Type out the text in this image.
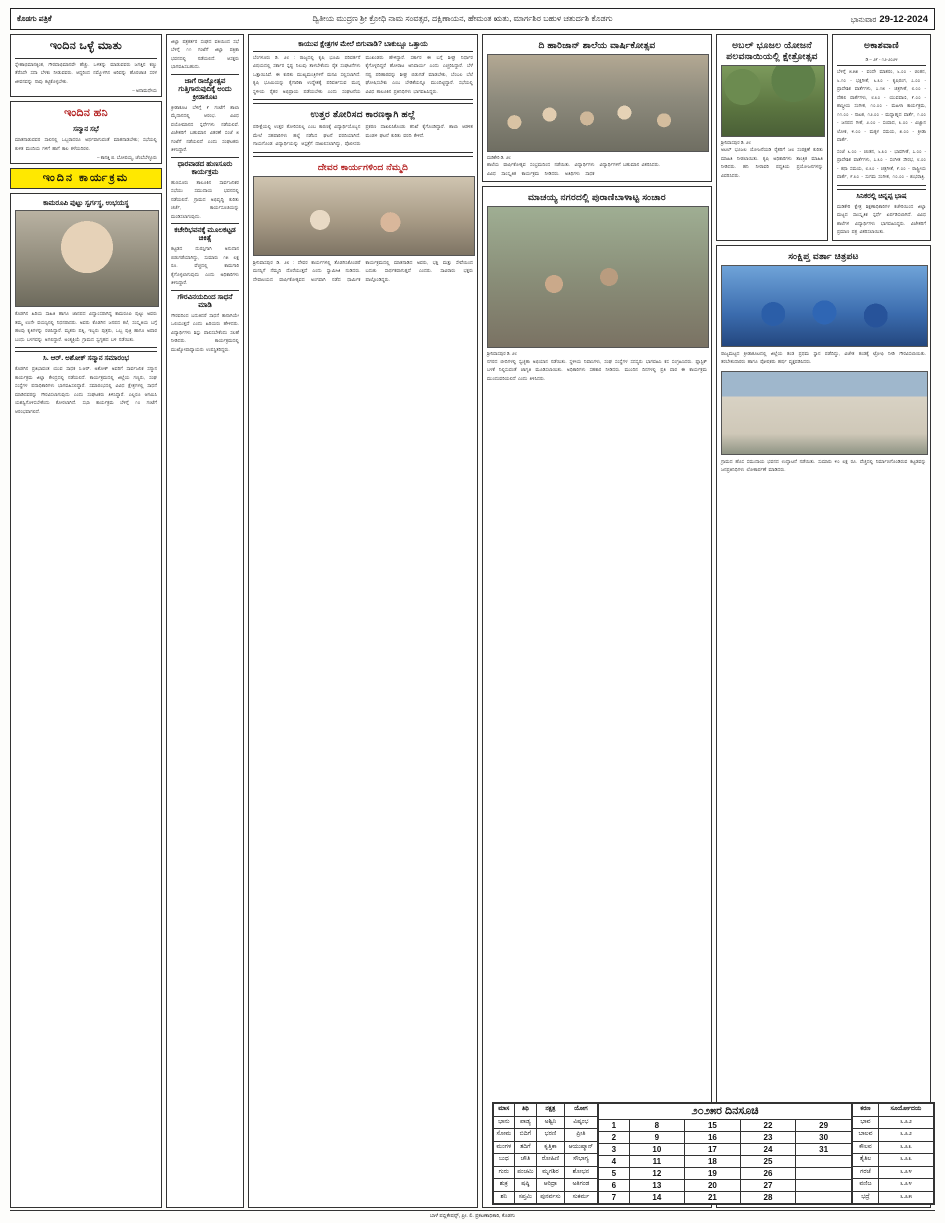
ಕೊಡಗು ಪತ್ರಿಕೆ	ದ್ವಿತೀಯ ಮುದ್ರಣ ಶ್ರೀ ಕ್ರೋಧಿ ನಾಮ ಸಂವತ್ಸರ, ದಕ್ಷಿಣಾಯನ, ಹೇಮಂತ ಋತು, ಮಾರ್ಗಶಿರ ಬಹುಳ ಚತುರ್ದಶಿ ಕೊಡಗು	ಭಾನುವಾರ 29-12-2024
ಇಂದಿನ ಒಳ್ಳೆ ಮಾತು
ಸ್ನೇಹಾಭಿಮಾನಕ್ಕಿಂತ, ಗೌರವಾಭಿಮಾನವೇ ಹೆಚ್ಚು. ಒಳಿತನ್ನು ಮಾಡುವವರು ಜಗತ್ತಿನ ಕಣ್ಣು ತೆರೆಸಿದೇ ಸದಾ ಬೆಳಕು ನೀಡುವವರು. ಆದ್ದರಿಂದ ನಮ್ಮೊಳಗಿನ ಅರಿವನ್ನು ಹೊರಚಾಚಿ ಸರಳ ಜೀವನವನ್ನು ನಾವು ಕಟ್ಟಿಕೊಳ್ಳಬೇಕು.
– ಅನಾಮಧೇಯ
ಇಂದಿನ ಹನಿ
ಸನ್ಮಾನ ಸಭೆ
ಮಾತನಾಡುವವರ ಸಾಲಿನಲ್ಲಿ ಒಬ್ಬರಾದರೂ ಅರ್ಥವಾಗುವಂತೆ ಮಾತನಾಡಬೇಕು; ಸಭೆಯಲ್ಲಿ ಕುಳಿತ ಮಂದಿಯ ಗಳಿಗೆ ಹಾಗೆ ಕಾಲ ಕಳೆಯದಿರಲಿ.
– ಕಾನತ್ತಿ ಬಿ. ಬೋಪಯ್ಯ, ಚೆಂಬೆಬೆಳ್ಳೂರು
ಇಂದಿನ ಕಾರ್ಯಕ್ರಮ
ಕಾಮರೂಪಿ ಪುಟ್ಟು ಸ್ವರ್ಗಸ್ಥ, ಉಭಯಸ್ಥ
ಕೊಡಗಿನ ಹಿರಿಯ ಸಾಹಿತಿ ಹಾಗೂ ಜಾನಪದ ವಿದ್ವಾಂಸರಾಗಿದ್ದ ಕಾಮರೂಪಿ ಪುಟ್ಟು ಅವರು ತಮ್ಮ ೮೦ನೇ ವಯಸ್ಸಿನಲ್ಲಿ ನಿಧನರಾದರು. ಅವರು ಕೊಡಗಿನ ಜನಪದ ಕಲೆ, ಸಂಸ್ಕೃತಿಯ ಬಗ್ಗೆ ಹಲವು ಕೃತಿಗಳನ್ನು ರಚಿಸಿದ್ದಾರೆ. ಮೃತರು ಪತ್ನಿ, ಇಬ್ಬರು ಪುತ್ರರು, ಒಬ್ಬ ಪುತ್ರಿ ಹಾಗೂ ಅಪಾರ ಬಂಧು ಬಳಗವನ್ನು ಅಗಲಿದ್ದಾರೆ. ಅಂತ್ಯಕ್ರಿಯೆ ಗ್ರಾಮದ ಸ್ವಗೃಹದ ಬಳಿ ನಡೆಯಿತು.
ಸಿ. ಆರ್. ಅಶೋಕ್ ಸನ್ಮಾನ ಸಮಾರಂಭ
ಕೊಡಗಿನ ಪ್ರತಿಭಾವಂತ ಯುವ ಸಾಧಕ ಸಿ.ಆರ್. ಅಶೋಕ್ ಅವರಿಗೆ ಸಾರ್ವಜನಿಕ ಸನ್ಮಾನ ಕಾರ್ಯಕ್ರಮ ಜಿಲ್ಲಾ ಕೇಂದ್ರದಲ್ಲಿ ನಡೆಯಲಿದೆ. ಕಾರ್ಯಕ್ರಮದಲ್ಲಿ ಜಿಲ್ಲೆಯ ಗಣ್ಯರು, ಸಂಘ ಸಂಸ್ಥೆಗಳ ಪದಾಧಿಕಾರಿಗಳು ಭಾಗವಹಿಸಲಿದ್ದಾರೆ. ಸಮಾರಂಭದಲ್ಲಿ ವಿವಿಧ ಕ್ಷೇತ್ರಗಳಲ್ಲಿ ಸಾಧನೆ ಮಾಡಿದವರನ್ನು ಗೌರವಿಸಲಾಗುವುದು ಎಂದು ಸಂಘಟಕರು ತಿಳಿಸಿದ್ದಾರೆ. ಎಲ್ಲರೂ ಆಗಮಿಸಿ ಯಶಸ್ವಿಗೊಳಿಸಬೇಕೆಂದು ಕೋರಲಾಗಿದೆ. ಸಭಾ ಕಾರ್ಯಕ್ರಮ ಬೆಳಿಗ್ಗೆ ೧೦ ಗಂಟೆಗೆ ಆರಂಭವಾಗಲಿದೆ.
ಜಿಲ್ಲಾ ಪತ್ರಕರ್ತರ ಸಂಘದ ವತಿಯಿಂದ ಸಭೆ ಬೆಳಿಗ್ಗೆ ೧೧ ಗಂಟೆಗೆ ಜಿಲ್ಲಾ ಪತ್ರಿಕಾ ಭವನದಲ್ಲಿ ನಡೆಯಲಿದೆ. ಆಸಕ್ತರು ಭಾಗವಹಿಸಬಹುದು.
ಜಾಗೆ ರಾಜ್ಯೋತ್ಸವ ಗುತ್ತಿಗಾರುವುದಿಕ್ಕೆ ಅಂದು ಕ್ರೀಡಾಕೂಟ
ಕ್ರೀಡಾಕೂಟ ಬೆಳಿಗ್ಗೆ ೯ ಗಂಟೆಗೆ ಶಾಲಾ ಮೈದಾನದಲ್ಲಿ ಆರಂಭ. ವಿವಿಧ ವಯೋಮಾನದ ಸ್ಪರ್ಧೆಗಳು ನಡೆಯಲಿವೆ. ವಿಜೇತರಿಗೆ ಬಹುಮಾನ ವಿತರಣೆ ಸಂಜೆ ೫ ಗಂಟೆಗೆ ನಡೆಯಲಿದೆ ಎಂದು ಸಂಘಟಕರು ತಿಳಿಸಿದ್ದಾರೆ.
ಧಾರವಾಡದ ಹುಣಸೂರು ಕಾರ್ಯಕ್ರಮ
ಹುಣಸೂರು ತಾಲೂಕಿನ ಸಾರ್ವಜನಿಕರ ಸಭೆಯು ಸಮುದಾಯ ಭವನದಲ್ಲಿ ನಡೆಯಲಿದೆ. ಗ್ರಾಮದ ಅಭಿವೃದ್ಧಿ ಕುರಿತು ಚರ್ಚೆ, ಕಾರ್ಯಸೂಚಿಯನ್ನು ಮಂಡಿಸಲಾಗುವುದು.
ಕಚೇರಿಭವನಕ್ಕೆ ಮೂಲಕಟ್ಟಡ ಚಿಕಿತ್ಸೆ
ಕಟ್ಟಡದ ದುರಸ್ತಿಗಾಗಿ ಅನುದಾನ ಬಿಡುಗಡೆಯಾಗಿದ್ದು, ಸುಮಾರು ೧೫ ಲಕ್ಷ ರೂ. ವೆಚ್ಚದಲ್ಲಿ ಕಾಮಗಾರಿ ಕೈಗೊಳ್ಳಲಾಗುವುದು ಎಂದು ಅಧಿಕಾರಿಗಳು ತಿಳಿಸಿದ್ದಾರೆ.
ಗೌರವಿನಯದಿಂದ ಸಾಧನೆ ಮಾಡಿ
ಗೌರವದಿಂದ ಬದುಕಿದರೆ ಸಾಧನೆ ತಾನಾಗಿಯೇ ಒಲಿಯುತ್ತದೆ ಎಂದು ಹಿರಿಯರು ಹೇಳಿದರು. ವಿದ್ಯಾರ್ಥಿಗಳು ಶಿಸ್ತು ಪಾಲಿಸಬೇಕೆಂದು ಸಲಹೆ ನೀಡಿದರು. ಕಾರ್ಯಕ್ರಮದಲ್ಲಿ ಮುಖ್ಯೋಪಾಧ್ಯಾಯರು ಉಪಸ್ಥಿತರಿದ್ದರು.
ಕಾಯುವ ಕ್ಷೇತ್ರಗಳ ಮೇಲೆ ಬಿಗುವಾಡಿ? ಬಾಕುಬ್ಬೂ ಒತ್ತಾಯ
ಬೆಂಗಳೂರು ಡಿ. ೨೮ : ರಾಜ್ಯದಲ್ಲಿ ಕೃಷಿ ಭೂಮಿ ಪರಿವರ್ತನೆ ವಿಷಯದಲ್ಲಿ ಸರ್ಕಾರ ಸ್ಪಷ್ಟ ನಿಲುವು ತಾಳಬೇಕೆಂದು ರೈತ ಸಂಘಟನೆಗಳು ಒತ್ತಾಯಿಸಿವೆ. ಈ ಕುರಿತು ಮುಖ್ಯಮಂತ್ರಿಗಳಿಗೆ ಮನವಿ ಸಲ್ಲಿಸಲಾಗಿದೆ. ಕೃಷಿ ಭೂಮಿಯನ್ನು ಕೈಗಾರಿಕಾ ಉದ್ದೇಶಕ್ಕೆ ಪರಿವರ್ತಿಸುವ ಮುನ್ನ ಸ್ಥಳೀಯ ರೈತರ ಅಭಿಪ್ರಾಯ ಪಡೆಯಬೇಕು ಎಂದು ಸಂಘಟನೆಯ ಮುಖಂಡರು ಹೇಳಿದ್ದಾರೆ. ಸರ್ಕಾರ ಈ ಬಗ್ಗೆ ಶೀಘ್ರ ನಿರ್ಧಾರ ಕೈಗೊಳ್ಳದಿದ್ದರೆ ಹೋರಾಟ ಅನಿವಾರ್ಯ ಎಂದು ಎಚ್ಚರಿಸಿದ್ದಾರೆ. ಬೆಳೆ ನಷ್ಟ ಪರಿಹಾರವನ್ನು ಶೀಘ್ರ ಬಿಡುಗಡೆ ಮಾಡಬೇಕು, ಬೆಂಬಲ ಬೆಲೆ ಘೋಷಿಸಬೇಕು ಎಂಬ ಬೇಡಿಕೆಯನ್ನೂ ಮುಂದಿಟ್ಟಿದ್ದಾರೆ. ಸಭೆಯಲ್ಲಿ ವಿವಿಧ ತಾಲೂಕಿನ ಪ್ರತಿನಿಧಿಗಳು ಭಾಗವಹಿಸಿದ್ದರು.
ಉತ್ತರ ತೋರಿಸದ ಕಾರಣಕ್ಕಾಗಿ ಹಲ್ಲೆ
ಪರೀಕ್ಷೆಯಲ್ಲಿ ಉತ್ತರ ತೋರಿಸಲಿಲ್ಲ ಎಂಬ ಕಾರಣಕ್ಕೆ ವಿದ್ಯಾರ್ಥಿಯೊಬ್ಬನ ಮೇಲೆ ಸಹಪಾಠಿಗಳು ಹಲ್ಲೆ ನಡೆಸಿದ ಘಟನೆ ವರದಿಯಾಗಿದೆ. ಗಾಯಗೊಂಡ ವಿದ್ಯಾರ್ಥಿಯನ್ನು ಆಸ್ಪತ್ರೆಗೆ ದಾಖಲಿಸಲಾಗಿದ್ದು, ಪೊಲೀಸರು ಪ್ರಕರಣ ದಾಖಲಿಸಿಕೊಂಡು ತನಿಖೆ ಕೈಗೊಂಡಿದ್ದಾರೆ. ಶಾಲಾ ಆಡಳಿತ ಮಂಡಳಿ ಘಟನೆ ಕುರಿತು ವರದಿ ಕೇಳಿದೆ.
ದೇವರ ಕಾರ್ಯಗಳಿಂದ ನೆಮ್ಮದಿ
ಶ್ರೀನಿವಾಸಪುರ ಡಿ. ೨೮ : ದೇವರ ಕಾರ್ಯಗಳಲ್ಲಿ ತೊಡಗಿಸಿಕೊಂಡರೆ ಮನಸ್ಸಿಗೆ ನೆಮ್ಮದಿ ದೊರೆಯುತ್ತದೆ ಎಂದು ಸ್ವಾಮೀಜಿ ನುಡಿದರು. ದೇವಾಲಯದ ವಾರ್ಷಿಕೋತ್ಸವದ ಅಂಗವಾಗಿ ನಡೆದ ಧಾರ್ಮಿಕ ಕಾರ್ಯಕ್ರಮದಲ್ಲಿ ಮಾತನಾಡಿದ ಅವರು, ಭಕ್ತಿ ಮತ್ತು ಸೇವೆಯಿಂದ ಬದುಕು ಸಾರ್ಥಕವಾಗುತ್ತದೆ ಎಂದರು. ಸಾವಿರಾರು ಭಕ್ತರು ಪಾಲ್ಗೊಂಡಿದ್ದರು.
ದಿ ಹಾರಿಜಾನ್ ಶಾಲೆಯ ವಾರ್ಷಿಕೋತ್ಸವ
ಮಡಿಕೇರಿ ಡಿ. ೨೮
ಶಾಲೆಯ ವಾರ್ಷಿಕೋತ್ಸವ ಸಂಭ್ರಮದಿಂದ ನಡೆಯಿತು. ವಿದ್ಯಾರ್ಥಿಗಳು ವಿವಿಧ ಸಾಂಸ್ಕೃತಿಕ ಕಾರ್ಯಕ್ರಮ ನೀಡಿದರು. ಅತಿಥಿಗಳು ಸಾಧಕ ವಿದ್ಯಾರ್ಥಿಗಳಿಗೆ ಬಹುಮಾನ ವಿತರಿಸಿದರು.
ಮಾಚಯ್ಯ ನಗರದಲ್ಲಿ ಪುರಾಣಿಬಾಳಾಟ್ಟ ಸಂಚಾರ
ಶ್ರೀನಿವಾಸಪುರ ಡಿ. ೨೮
ನಗರದ ಬೀದಿಗಳಲ್ಲಿ ಸ್ವಚ್ಛತಾ ಅಭಿಯಾನ ನಡೆಯಿತು. ಸ್ಥಳೀಯ ನಿವಾಸಿಗಳು, ಸಂಘ ಸಂಸ್ಥೆಗಳ ಸದಸ್ಯರು ಭಾಗವಹಿಸಿ ಕಸ ಸಂಗ್ರಹಿಸಿದರು. ಪ್ಲಾಸ್ಟಿಕ್ ಬಳಕೆ ನಿಲ್ಲಿಸುವಂತೆ ಜಾಗೃತಿ ಮೂಡಿಸಲಾಯಿತು. ಅಧಿಕಾರಿಗಳು ಸಹಕಾರ ನೀಡಿದರು. ಮುಂದಿನ ದಿನಗಳಲ್ಲಿ ಪ್ರತಿ ವಾರ ಈ ಕಾರ್ಯಕ್ರಮ ಮುಂದುವರಿಯಲಿದೆ ಎಂದು ತಿಳಿಸಿದರು.
ಅಬಲ್ ಭೂಜಲ ಯೋಜನೆ ಪಲವನಾಯಿಯಲ್ಲಿ ಕ್ಷೇತ್ರೋತ್ಸವ
ಶ್ರೀನಿವಾಸಪುರ ಡಿ. ೨೮
ಅಟಲ್ ಭೂಜಲ ಯೋಜನೆಯಡಿ ರೈತರಿಗೆ ಜಲ ಸಂರಕ್ಷಣೆ ಕುರಿತು ಮಾಹಿತಿ ನೀಡಲಾಯಿತು. ಕೃಷಿ ಅಧಿಕಾರಿಗಳು ತಾಂತ್ರಿಕ ಮಾಹಿತಿ ನೀಡಿದರು. ಹನಿ ನೀರಾವರಿ ಪದ್ಧತಿಯ ಪ್ರಯೋಜನಗಳನ್ನು ವಿವರಿಸಿದರು.
ಅಕಾಶವಾಣಿ
ಡಿ – ೨೯ - ೧೨-೨೦೨೪
ಬೆಳಿಗ್ಗೆ ೫.೫೫ - ವಂದೇ ಮಾತರಂ, ೬.೦೦ - ಚಿಂತನ, ೬.೧೦ - ಭಕ್ತಿಗೀತೆ, ೬.೩೦ - ಕೃಷಿರಂಗ, ೭.೦೦ - ಪ್ರಾದೇಶಿಕ ವಾರ್ತೆಗಳು, ೭.೧೫ - ಚಿತ್ರಗೀತೆ, ೮.೦೦ - ದೆಹಲಿ ವಾರ್ತೆಗಳು, ೮.೩೦ - ಯುವವಾಣಿ, ೯.೦೦ - ಶಾಸ್ತ್ರೀಯ ಸಂಗೀತ, ೧೦.೦೦ - ಮಹಿಳಾ ಕಾರ್ಯಕ್ರಮ, ೧೧.೦೦ - ನಾಟಕ, ೧೨.೦೦ - ಮಧ್ಯಾಹ್ನದ ವಾರ್ತೆ, ೧.೦೦ - ಜನಪದ ಗೀತೆ, ೨.೦೦ - ಸಂವಾದ, ೩.೦೦ - ವಿಜ್ಞಾನ ಲೋಕ, ೪.೦೦ - ಮಕ್ಕಳ ಸಮಯ, ೫.೦೦ - ಕ್ರೀಡಾ ವಾರ್ತೆ.
ಸಂಜೆ ೬.೦೦ - ಚಿಂತನ, ೬.೩೦ - ಭಾವಗೀತೆ, ೭.೦೦ - ಪ್ರಾದೇಶಿಕ ವಾರ್ತೆಗಳು, ೭.೩೦ - ಸಂಗೀತ ಸೌರಭ, ೮.೦೦ - ಕಥಾ ಸಮಯ, ೮.೩೦ - ಚಿತ್ರಗೀತೆ, ೯.೦೦ - ರಾಷ್ಟ್ರೀಯ ವಾರ್ತೆ, ೯.೩೦ - ಸುಗಮ ಸಂಗೀತ, ೧೦.೦೦ - ಶುಭರಾತ್ರಿ.
ಸಿನಿಕರಲ್ಲಿ ಚಿನ್ನಪ್ಪ ಭಾಷ
ಮಡಿಕೇರಿ ಕ್ಷೇತ್ರ ಶಿಕ್ಷಣಾಧಿಕಾರಿಗಳ ಕಚೇರಿಯಿಂದ ಜಿಲ್ಲಾ ಮಟ್ಟದ ಸಾಂಸ್ಕೃತಿಕ ಸ್ಪರ್ಧೆ ಏರ್ಪಡಿಸಲಾಗಿದೆ. ವಿವಿಧ ಶಾಲೆಗಳ ವಿದ್ಯಾರ್ಥಿಗಳು ಭಾಗವಹಿಸಿದ್ದರು. ವಿಜೇತರಿಗೆ ಪ್ರಮಾಣ ಪತ್ರ ವಿತರಿಸಲಾಯಿತು.
ಸಂಕ್ಷಿಪ್ತ ವರ್ತಾ ಚಿತ್ರಪಟ
ರಾಜ್ಯಮಟ್ಟದ ಕ್ರೀಡಾಕೂಟದಲ್ಲಿ ಜಿಲ್ಲೆಯ ತಂಡ ಪ್ರಥಮ ಸ್ಥಾನ ಪಡೆದಿದ್ದು, ವಿಜೇತ ತಂಡಕ್ಕೆ ಟ್ರೋಫಿ ನೀಡಿ ಗೌರವಿಸಲಾಯಿತು. ತರಬೇತುದಾರರು ಹಾಗೂ ಪೋಷಕರು ಹರ್ಷ ವ್ಯಕ್ತಪಡಿಸಿದರು.
ಗ್ರಾಮದ ಹೊಸ ಸಮುದಾಯ ಭವನದ ಉದ್ಘಾಟನೆ ನಡೆಯಿತು. ಸುಮಾರು ೪೦ ಲಕ್ಷ ರೂ. ವೆಚ್ಚದಲ್ಲಿ ನಿರ್ಮಾಣಗೊಂಡಿರುವ ಕಟ್ಟಡವನ್ನು ಜನಪ್ರತಿನಿಧಿಗಳು ಲೋಕಾರ್ಪಣೆ ಮಾಡಿದರು.
ಮಾಸ	ತಿಥಿ	ನಕ್ಷತ್ರ	ಯೋಗ
ಭಾನು	ಪಾಡ್ಯ	ಅಶ್ವಿನಿ	ವಿಷ್ಕಂಭ
ಸೋಮ	ಬಿದಿಗೆ	ಭರಣಿ	ಪ್ರೀತಿ
ಮಂಗಳ	ತದಿಗೆ	ಕೃತ್ತಿಕಾ	ಆಯುಷ್ಮಾನ್
ಬುಧ	ಚೌತಿ	ರೋಹಿಣಿ	ಸೌಭಾಗ್ಯ
ಗುರು	ಪಂಚಮಿ	ಮೃಗಶಿರ	ಶೋಭನ
ಶುಕ್ರ	ಷಷ್ಠಿ	ಆರಿದ್ರಾ	ಅತಿಗಂಡ
ಶನಿ	ಸಪ್ತಮಿ	ಪುನರ್ವಸು	ಸುಕರ್ಮ
೨೦೨೫ರ ದಿನಸೂಚಿ				
1	8	15	22	29
2	9	16	23	30
3	10	17	24	31
4	11	18	25	
5	12	19	26	
6	13	20	27	
7	14	21	28	
ಕರಣ	ಸೂರ್ಯೋದಯ
ಭಾವ	೬.೩೨
ಬಾಲವ	೬.೩೨
ಕೌಲವ	೬.೩೩
ತೈತಿಲ	೬.೩೩
ಗರಜೆ	೬.೩೪
ವಣಿಜ	೬.೩೪
ಭದ್ರೆ	೬.೩೫
ಬಾಳೆ ಪಬ್ಲಿಕೇಷನ್ಸ್, ಪ್ರೀ. ಲಿ. ಪ್ರಕಟಣಾಧಿಕಾರಿ, ಕೊಡಗು
